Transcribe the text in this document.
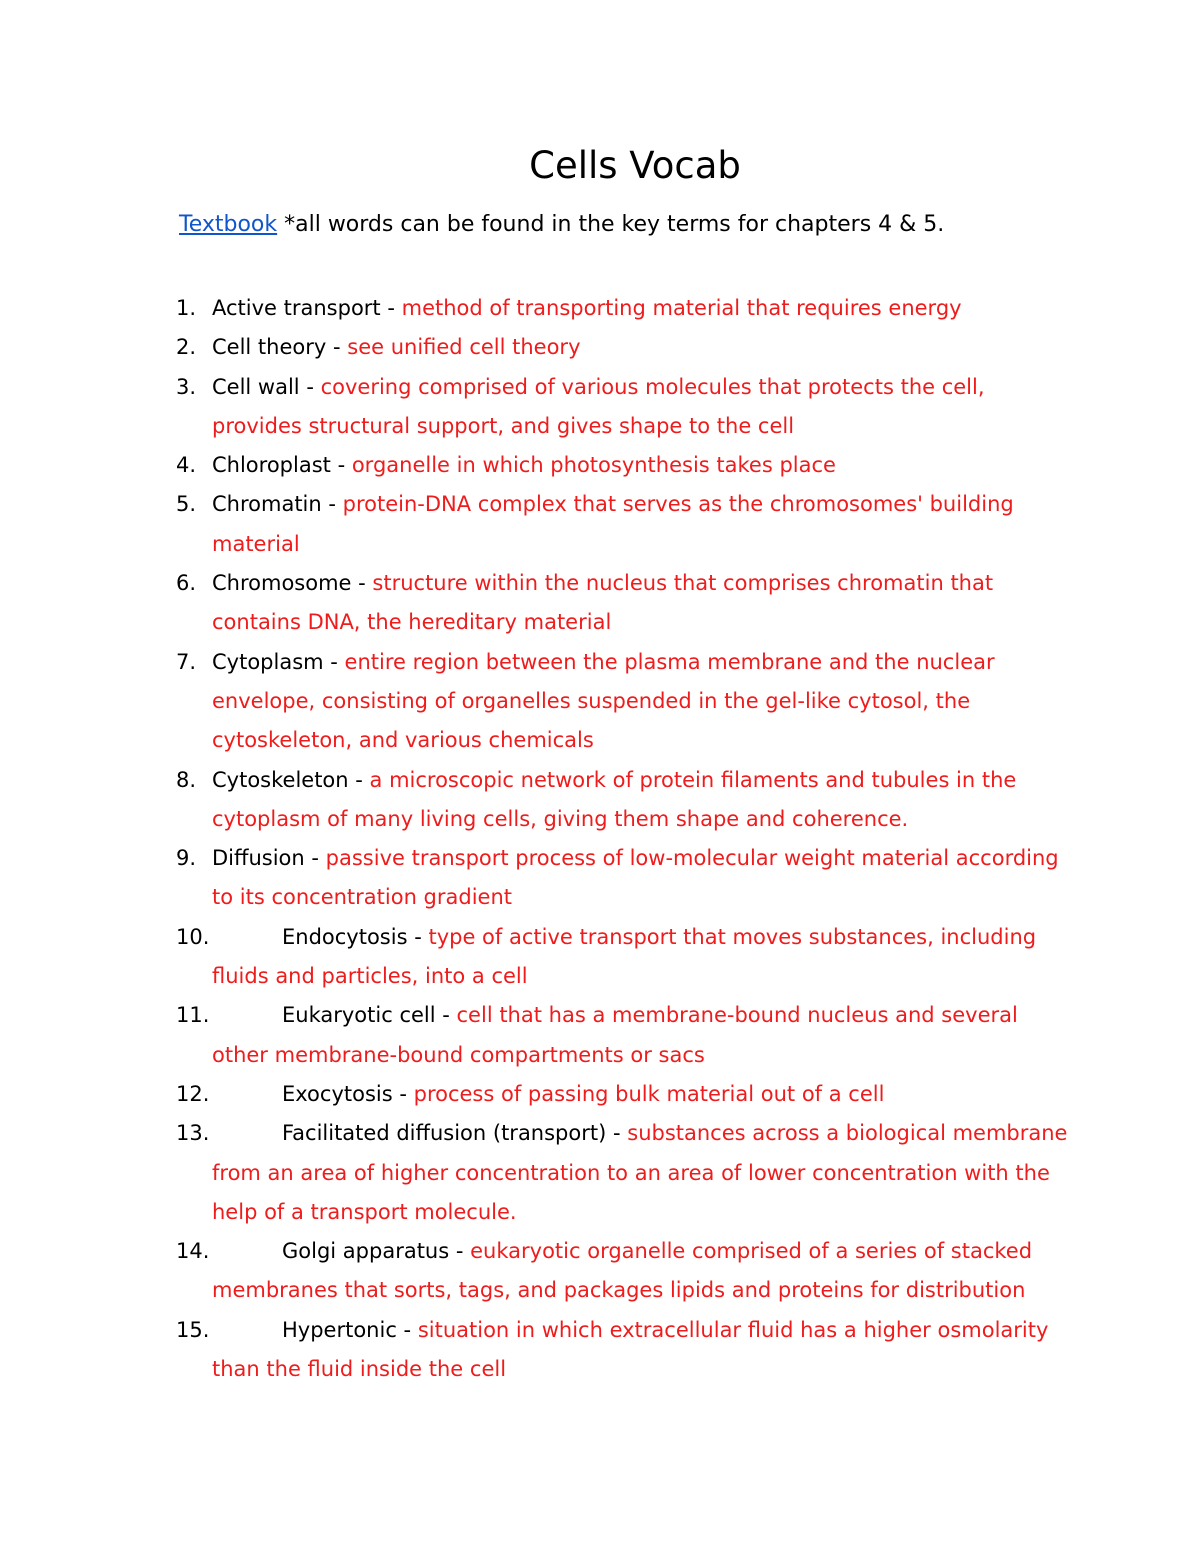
Cells Vocab

Textbook *all words can be found in the key terms for chapters 4 & 5.

1. Active transport - method of transporting material that requires energy
2. Cell theory - see unified cell theory
3. Cell wall - covering comprised of various molecules that protects the cell, provides structural support, and gives shape to the cell
4. Chloroplast - organelle in which photosynthesis takes place
5. Chromatin - protein-DNA complex that serves as the chromosomes' building material
6. Chromosome - structure within the nucleus that comprises chromatin that contains DNA, the hereditary material
7. Cytoplasm - entire region between the plasma membrane and the nuclear envelope, consisting of organelles suspended in the gel-like cytosol, the cytoskeleton, and various chemicals
8. Cytoskeleton - a microscopic network of protein filaments and tubules in the cytoplasm of many living cells, giving them shape and coherence.
9. Diffusion - passive transport process of low-molecular weight material according to its concentration gradient
10.	Endocytosis - type of active transport that moves substances, including fluids and particles, into a cell
11.	Eukaryotic cell - cell that has a membrane-bound nucleus and several other membrane-bound compartments or sacs
12.	Exocytosis - process of passing bulk material out of a cell
13.	Facilitated diffusion (transport) - substances across a biological membrane from an area of higher concentration to an area of lower concentration with the help of a transport molecule.
14.	Golgi apparatus - eukaryotic organelle comprised of a series of stacked membranes that sorts, tags, and packages lipids and proteins for distribution
15.	Hypertonic - situation in which extracellular fluid has a higher osmolarity than the fluid inside the cell
